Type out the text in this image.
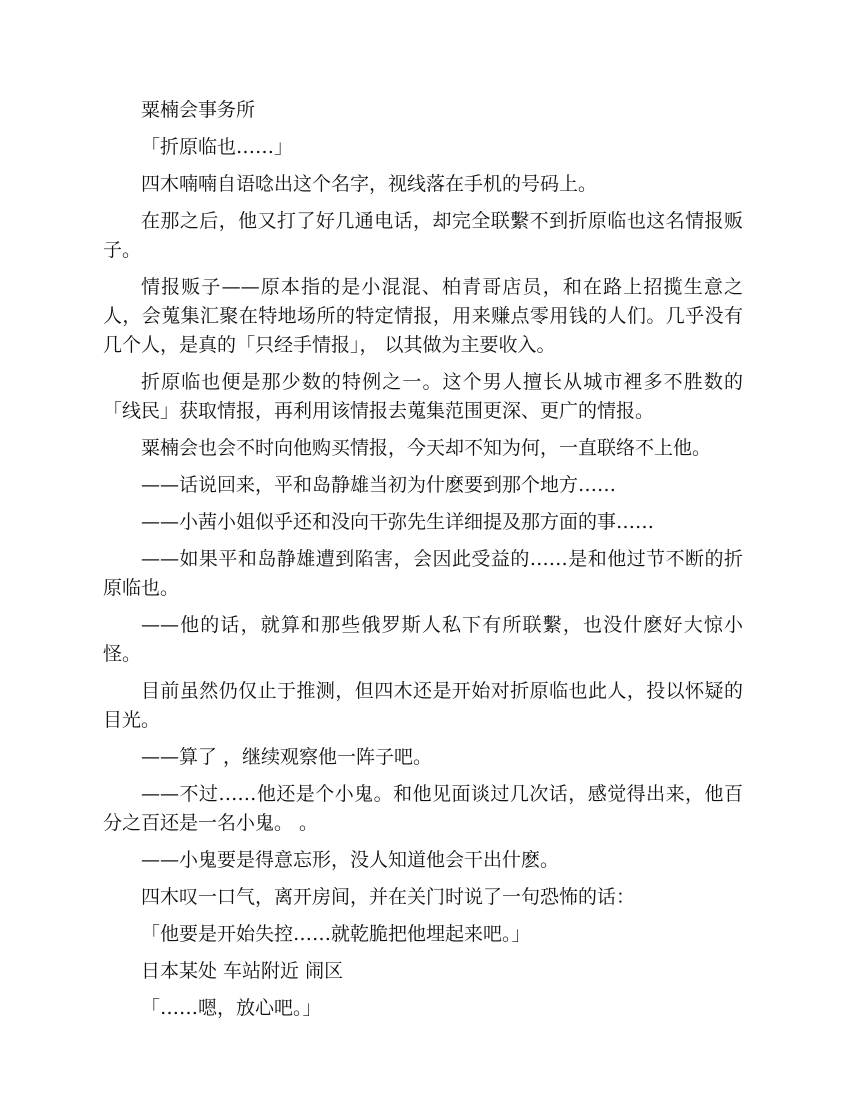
粟楠会事务所

「折原临也……」

四木喃喃自语唸出这个名字，视线落在手机的号码上。

在那之后，他又打了好几通电话，却完全联繫不到折原临也这名情报贩子。

情报贩子——原本指的是小混混、柏青哥店员，和在路上招揽生意之人，会蒐集汇聚在特地场所的特定情报，用来赚点零用钱的人们。几乎没有几个人，是真的「只经手情报」， 以其做为主要收入。

折原临也便是那少数的特例之一。这个男人擅长从城市裡多不胜数的「线民」获取情报，再利用该情报去蒐集范围更深、更广的情报。

粟楠会也会不时向他购买情报，今天却不知为何，一直联络不上他。

——话说回来，平和岛静雄当初为什麽要到那个地方……

——小茜小姐似乎还和没向干弥先生详细提及那方面的事……

——如果平和岛静雄遭到陷害，会因此受益的……是和他过节不断的折原临也。

——他的话，就算和那些俄罗斯人私下有所联繫，也没什麽好大惊小怪。

目前虽然仍仅止于推测，但四木还是开始对折原临也此人，投以怀疑的目光。

——算了 ，继续观察他一阵子吧。

——不过……他还是个小鬼。和他见面谈过几次话，感觉得出来，他百分之百还是一名小鬼。 。

——小鬼要是得意忘形，没人知道他会干出什麽。

四木叹一口气，离开房间，并在关门时说了一句恐怖的话：

「他要是开始失控……就乾脆把他埋起来吧。」

日本某处 车站附近 闹区

「……嗯，放心吧。」
